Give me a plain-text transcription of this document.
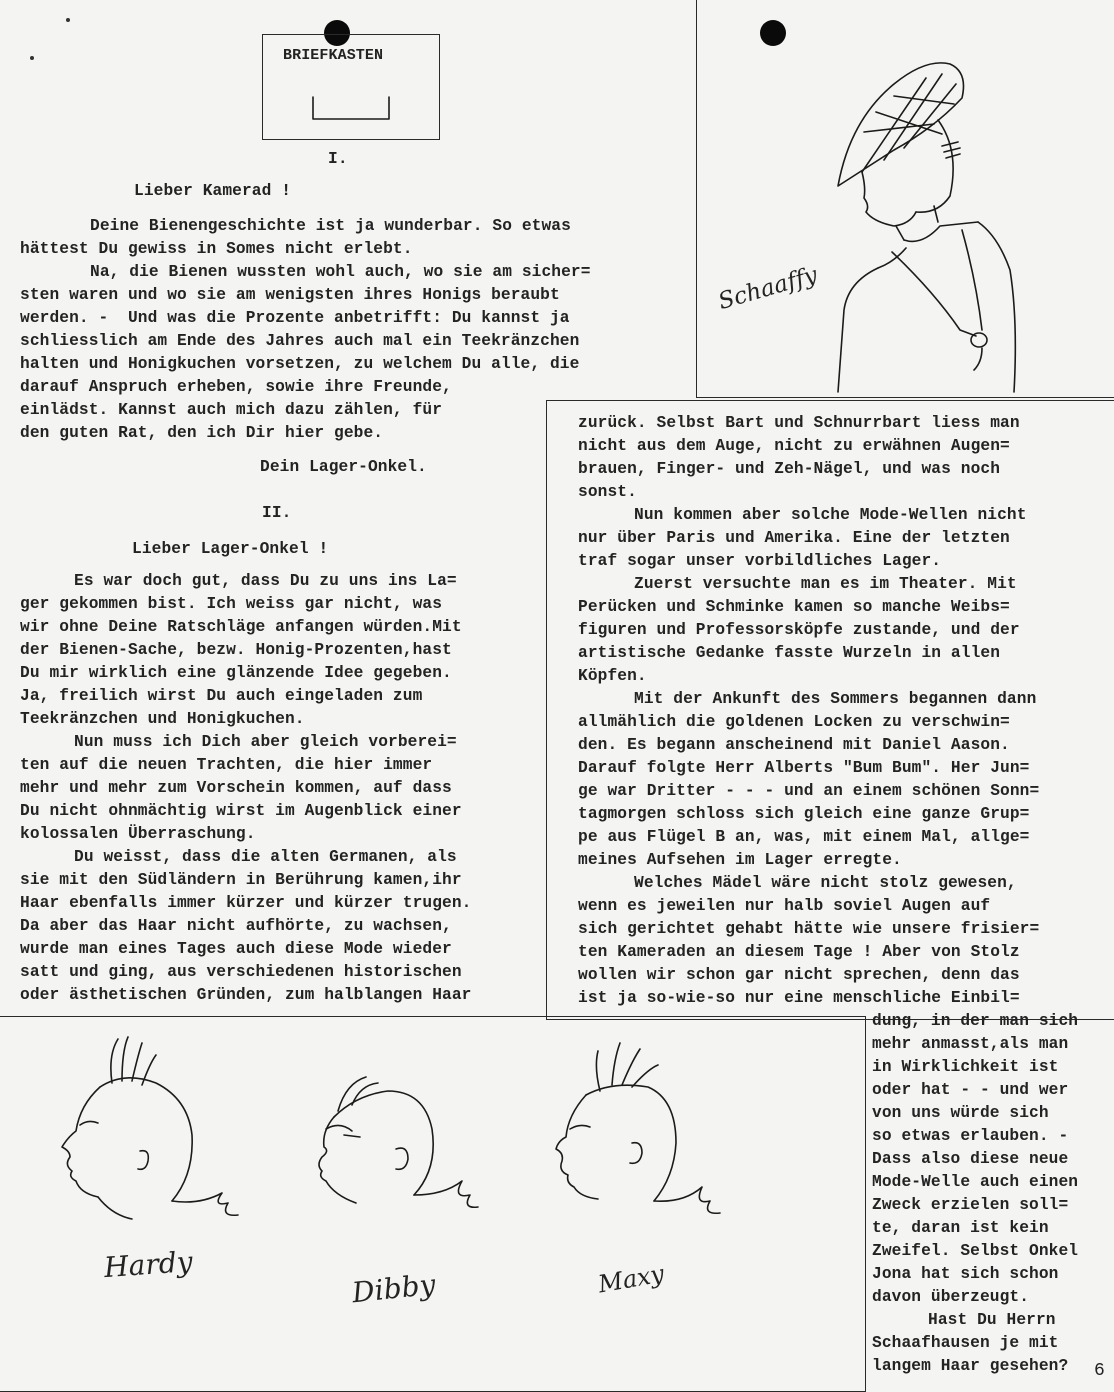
BRIEFKASTEN
I.
Lieber Kamerad !
Deine Bienengeschichte ist ja wunderbar. So etwas
hättest Du gewiss in Somes nicht erlebt.
Na, die Bienen wussten wohl auch, wo sie am sicher=
sten waren und wo sie am wenigsten ihres Honigs beraubt
werden. -  Und was die Prozente anbetrifft: Du kannst ja
schliesslich am Ende des Jahres auch mal ein Teekränzchen
halten und Honigkuchen vorsetzen, zu welchem Du alle, die
darauf Anspruch erheben, sowie ihre Freunde,
einlädst. Kannst auch mich dazu zählen, für
den guten Rat, den ich Dir hier gebe.
Dein Lager-Onkel.
II.
Lieber Lager-Onkel !
Es war doch gut, dass Du zu uns ins La=
ger gekommen bist. Ich weiss gar nicht, was
wir ohne Deine Ratschläge anfangen würden.Mit
der Bienen-Sache, bezw. Honig-Prozenten,hast
Du mir wirklich eine glänzende Idee gegeben.
Ja, freilich wirst Du auch eingeladen zum
Teekränzchen und Honigkuchen.
Nun muss ich Dich aber gleich vorberei=
ten auf die neuen Trachten, die hier immer
mehr und mehr zum Vorschein kommen, auf dass
Du nicht ohnmächtig wirst im Augenblick einer
kolossalen Überraschung.
Du weisst, dass die alten Germanen, als
sie mit den Südländern in Berührung kamen,ihr
Haar ebenfalls immer kürzer und kürzer trugen.
Da aber das Haar nicht aufhörte, zu wachsen,
wurde man eines Tages auch diese Mode wieder
satt und ging, aus verschiedenen historischen
oder ästhetischen Gründen, zum halblangen Haar
Schaaffy
zurück. Selbst Bart und Schnurrbart liess man
nicht aus dem Auge, nicht zu erwähnen Augen=
brauen, Finger- und Zeh-Nägel, und was noch
sonst.
Nun kommen aber solche Mode-Wellen nicht
nur über Paris und Amerika. Eine der letzten
traf sogar unser vorbildliches Lager.
Zuerst versuchte man es im Theater. Mit
Perücken und Schminke kamen so manche Weibs=
figuren und Professorsköpfe zustande, und der
artistische Gedanke fasste Wurzeln in allen
Köpfen.
Mit der Ankunft des Sommers begannen dann
allmählich die goldenen Locken zu verschwin=
den. Es begann anscheinend mit Daniel Aason.
Darauf folgte Herr Alberts "Bum Bum". Her Jun=
ge war Dritter - - - und an einem schönen Sonn=
tagmorgen schloss sich gleich eine ganze Grup=
pe aus Flügel B an, was, mit einem Mal, allge=
meines Aufsehen im Lager erregte.
Welches Mädel wäre nicht stolz gewesen,
wenn es jeweilen nur halb soviel Augen auf
sich gerichtet gehabt hätte wie unsere frisier=
ten Kameraden an diesem Tage ! Aber von Stolz
wollen wir schon gar nicht sprechen, denn das
ist ja so-wie-so nur eine menschliche Einbil=
Hardy
Dibby	Maxy
dung, in der man sich
mehr anmasst,als man
in Wirklichkeit ist
oder hat - - und wer
von uns würde sich
so etwas erlauben. -
Dass also diese neue
Mode-Welle auch einen
Zweck erzielen soll=
te, daran ist kein
Zweifel. Selbst Onkel
Jona hat sich schon
davon überzeugt.
Hast Du Herrn
Schaafhausen je mit
langem Haar gesehen? 6
